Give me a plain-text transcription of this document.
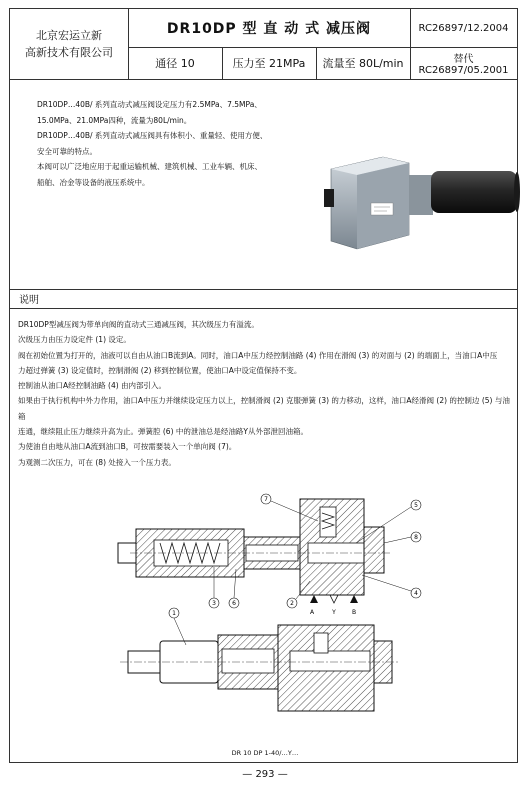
北京宏运立新
高新技术有限公司
DR10DP 型 直 动 式 减压阀	RC26897/12.2004
通径 10	压力至 21MPa	流量至 80L/min	替代 RC26897/05.2001

DR10DP…40B/ 系列直动式减压阀设定压力有2.5MPa、7.5MPa、

15.0MPa、21.0MPa四种，流量为80L/min。

DR10DP…40B/ 系列直动式减压阀具有体积小、重量轻、使用方便、

安全可靠的特点。

本阀可以广泛地应用于起重运输机械、建筑机械、工业车辆、机床、

船舶、冶金等设备的液压系统中。

说明

DR10DP型减压阀为带单向阀的直动式三通减压阀，其次级压力有溢流。

次级压力由压力设定件 (1) 设定。

阀在初始位置为打开的，油液可以自由从油口B流到A。同时，油口A中压力经控制油路 (4) 作用在滑阀 (3) 的对面与 (2) 的端面上，当油口A中压

力超过弹簧 (3) 设定值时，控制滑阀 (2) 移到控制位置，使油口A中设定值保持不变。

控制油从油口A经控制油路 (4) 由内部引入。

如果由于执行机构中外力作用，油口A中压力并继续设定压力以上，控制滑阀 (2) 克服弹簧 (3) 的力移动，这样，油口A经滑阀 (2) 的控制边 (5) 与油箱

连通，继续阻止压力继续升高为止。弹簧腔 (6) 中的泄油总是经油路Y从外部泄回油箱。

为使油自由地从油口A流到油口B，可按需要装入一个单向阀 (7)。

为观测二次压力，可在 (8) 处接入一个压力表。

A	Y	B
1
2
3
4
5
6
7
8
DR 10 DP 1-40/…Y…
— 293 —
